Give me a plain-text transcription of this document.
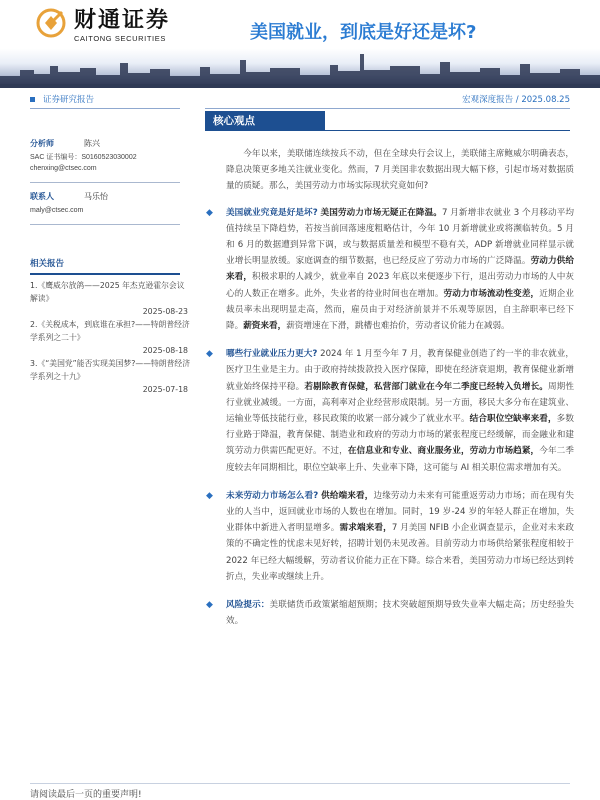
财通证券
CAITONG SECURITIES	美国就业，到底是好还是坏?
证券研究报告	宏观深度报告 / 2025.08.25
核心观点
分析师	陈兴
SAC 证书编号：S0160523030002
chenxing@ctsec.com
联系人	马乐怡
maly@ctsec.com
相关报告
1.《鹰威尔放鸽——2025 年杰克逊霍尔会议解读》

2025-08-23

2.《关税成本，到底谁在承担?——特朗普经济学系列之二十》

2025-08-18

3.《“美国党”能否实现美国梦?——特朗普经济学系列之十九》

2025-07-18

今年以来，美联储连续按兵不动，但在全球央行会议上，美联储主席鲍威尔明确表态，降息决策更多地关注就业变化。然而，7 月美国非农数据出现大幅下修，引起市场对数据质量的质疑。那么，美国劳动力市场实际现状究竟如何?
◆ 美国就业究竟是好是坏? 美国劳动力市场无疑正在降温。7 月新增非农就业 3 个月移动平均值持续呈下降趋势，若按当前回落速度粗略估计，今年 10 月新增就业或将濒临转负。5 月和 6 月的数据遭到异常下调，或与数据质量差和模型不稳有关，ADP 新增就业同样显示就业增长明显放缓。家庭调查的细节数据，也已经反应了劳动力市场的广泛降温。劳动力供给来看，积极求职的人减少，就业率自 2023 年底以来便逐步下行，退出劳动力市场的人中灰心的人数正在增多。此外，失业者的待业时间也在增加。劳动力市场流动性变差，近期企业裁员率未出现明显走高，然而，雇员由于对经济前景并不乐观等原因，自主辞职率已经下降。薪资来看，薪资增速在下滑，跳槽也难抬价，劳动者议价能力在减弱。
◆ 哪些行业就业压力更大? 2024 年 1 月至今年 7 月，教育保健业创造了约一半的非农就业，医疗卫生业是主力。由于政府持续拨款投入医疗保障，即使在经济衰退期，教育保健业新增就业始终保持平稳。若剔除教育保健，私营部门就业在今年二季度已经转入负增长。周期性行业就业减缓。一方面，高利率对企业经营形成限制。另一方面，移民大多分布在建筑业、运输业等低技能行业，移民政策的收紧一部分减少了就业水平。结合职位空缺率来看，多数行业路于降温，教育保健、制造业和政府的劳动力市场的紧张程度已经缓解，而金融业和建筑劳动力供需匹配更好。不过，在信息业和专业、商业服务业，劳动力市场趋紧，今年二季度较去年同期相比，职位空缺率上升、失业率下降，这可能与 AI 相关职位需求增加有关。
◆ 未来劳动力市场怎么看? 供给端来看，边缘劳动力未来有可能重返劳动力市场；而在现有失业的人当中，返回就业市场的人数也在增加。同时，19 岁-24 岁的年轻人群正在增加，失业群体中新进入者明显增多。需求端来看，7 月美国 NFIB 小企业调查显示，企业对未来政策的不确定性的忧虑未见好转，招聘计划仍未见改善。目前劳动力市场供给紧张程度相较于 2022 年已经大幅缓解，劳动者议价能力正在下降。综合来看，美国劳动力市场已经达到转折点，失业率或继续上升。
◆ 风险提示：美联储货币政策紧缩超预期；技术突破超预期导致失业率大幅走高；历史经验失效。
请阅读最后一页的重要声明!
